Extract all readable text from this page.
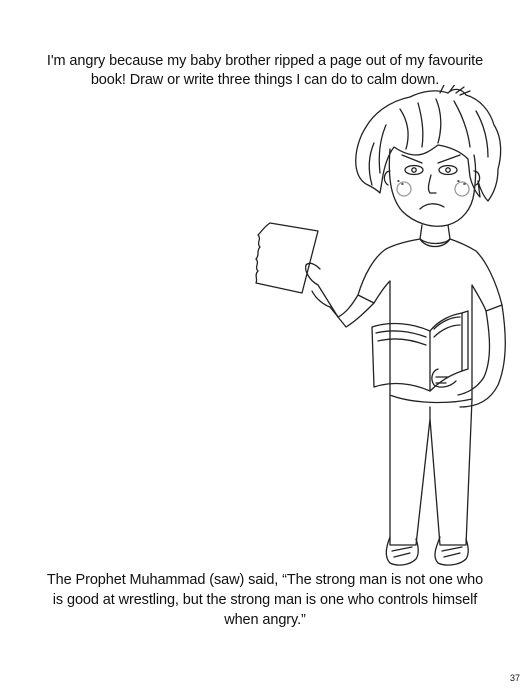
I'm angry because my baby brother ripped a page out of my favourite
book! Draw or write three things I can do to calm down.
The Prophet Muhammad (saw) said, “The strong man is not one who
is good at wrestling, but the strong man is one who controls himself
when angry.”
37
